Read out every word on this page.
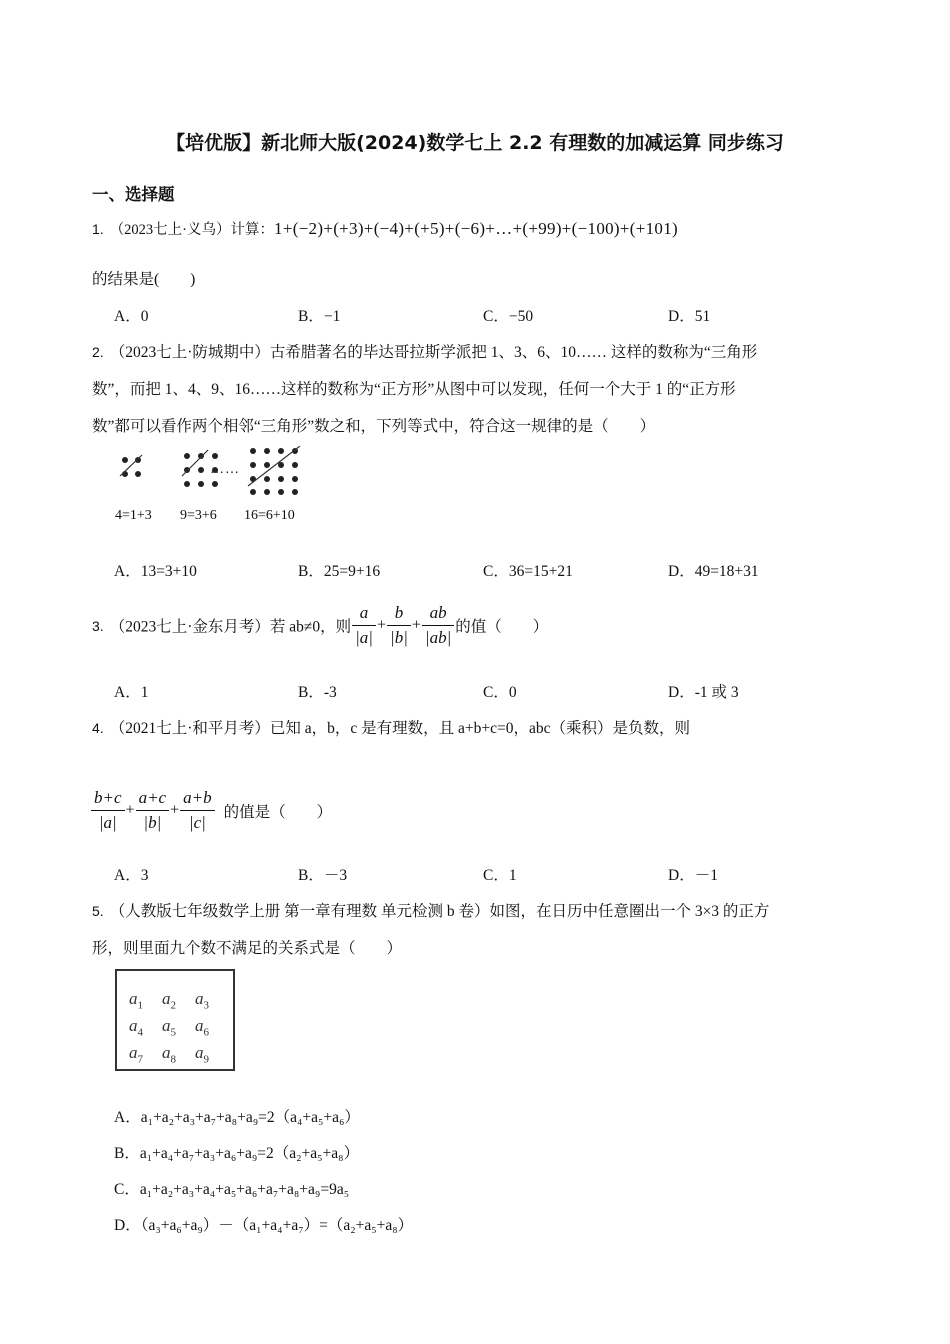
【培优版】新北师大版(2024)数学七上 2.2 有理数的加减运算 同步练习
一、选择题
1. （2023七上·义乌）计算：1+(−2)+(+3)+(−4)+(+5)+(−6)+…+(+99)+(−100)+(+101)
的结果是(　　)
A．0	B．−1	C．−50	D．51
2. （2023七上·防城期中）古希腊著名的毕达哥拉斯学派把 1、3、6、10…… 这样的数称为“三角形
数”，而把 1、4、9、16……这样的数称为“正方形”从图中可以发现，任何一个大于 1 的“正方形
数”都可以看作两个相邻“三角形”数之和，下列等式中，符合这一规律的是（　　）
……
4=1+3 9=3+6 16=6+10
A．13=3+10	B．25=9+16	C．36=15+21	D．49=18+31
3. （2023七上·金东月考）若 ab≠0，则 $\frac{a}{|a|} + \frac{b}{|b|} + \frac{ab}{|ab|}$ 的值（　　）
A．1	B．-3	C．0	D．-1 或 3
4. （2021七上·和平月考）已知 a，b，c 是有理数，且 a+b+c=0，abc（乘积）是负数，则
$\frac{b+c}{|a|} + \frac{a+c}{|b|} + \frac{a+b}{|c|}$ 的值是（　　）
A．3	B．－3	C．1	D．－1
5. （人教版七年级数学上册 第一章有理数 单元检测 b 卷）如图，在日历中任意圈出一个 3×3 的正方
形，则里面九个数不满足的关系式是（　　）
$a_1$ $a_2$ $a_3$
$a_4$ $a_5$ $a_6$
$a_7$ $a_8$ $a_9$
A．a₁+a₂+a₃+a₇+a₈+a₉=2（a₄+a₅+a₆）
B．a₁+a₄+a₇+a₃+a₆+a₉=2（a₂+a₅+a₈）
C．a₁+a₂+a₃+a₄+a₅+a₆+a₇+a₈+a₉=9a₅
D．（a₃+a₆+a₉）－（a₁+a₄+a₇）=（a₂+a₅+a₈）
